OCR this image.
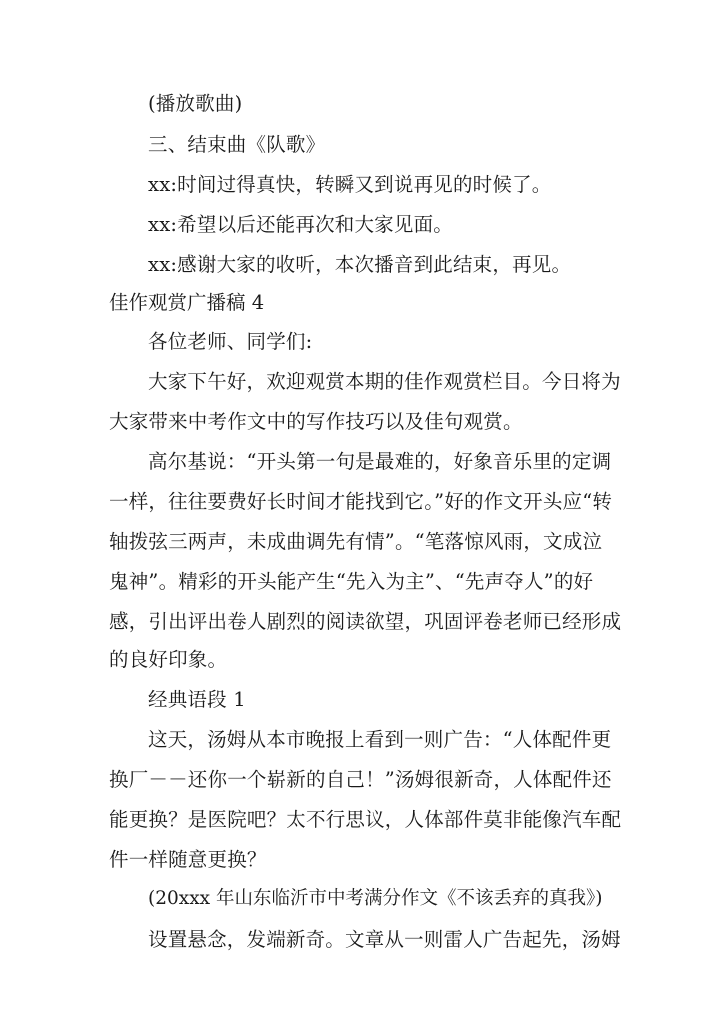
(播放歌曲)
三、结束曲《队歌》
xx:时间过得真快，转瞬又到说再见的时候了。
xx:希望以后还能再次和大家见面。
xx:感谢大家的收听，本次播音到此结束，再见。
佳作观赏广播稿 4
各位老师、同学们:
大家下午好，欢迎观赏本期的佳作观赏栏目。今日将为
大家带来中考作文中的写作技巧以及佳句观赏。
高尔基说：“开头第一句是最难的，好象音乐里的定调
一样，往往要费好长时间才能找到它。”好的作文开头应“转
轴拨弦三两声，未成曲调先有情”。“笔落惊风雨，文成泣
鬼神”。精彩的开头能产生“先入为主”、“先声夺人”的好
感，引出评出卷人剧烈的阅读欲望，巩固评卷老师已经形成
的良好印象。
经典语段 1
这天，汤姆从本市晚报上看到一则广告：“人体配件更
换厂－－还你一个崭新的自己！”汤姆很新奇，人体配件还
能更换？是医院吧？太不行思议，人体部件莫非能像汽车配
件一样随意更换？
(20xxx 年山东临沂市中考满分作文《不该丢弃的真我》)
设置悬念，发端新奇。文章从一则雷人广告起先，汤姆
